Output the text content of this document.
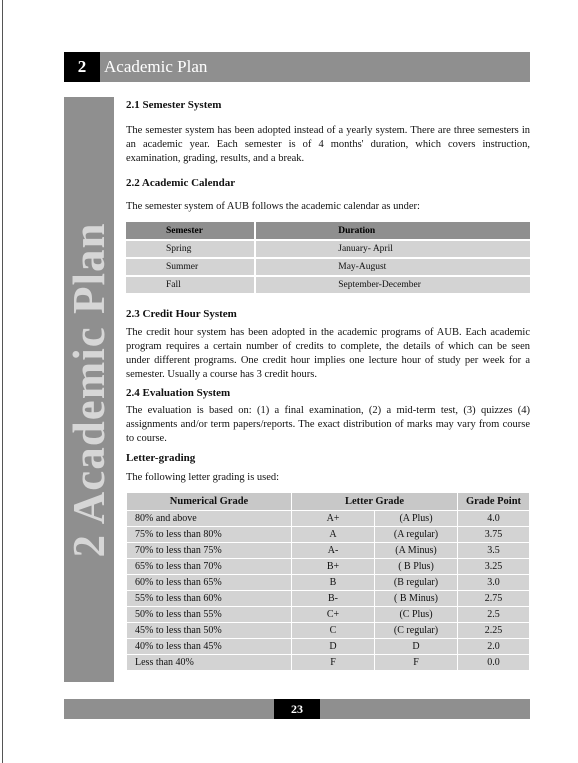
2	Academic Plan
2 Academic Plan
2.1 Semester System
The semester system has been adopted instead of a yearly system. There are three semesters in an academic year. Each semester is of 4 months' duration, which covers instruction, examination, grading, results, and a break.
2.2 Academic Calendar
The semester system of AUB follows the academic calendar as under:
Semester	Duration
Spring	January- April
Summer	May-August
Fall	September-December
2.3 Credit Hour System
The credit hour system has been adopted in the academic programs of AUB. Each academic program requires a certain number of credits to complete, the details of which can be seen under different programs. One credit hour implies one lecture hour of study per week for a semester. Usually a course has 3 credit hours.
2.4 Evaluation System
The evaluation is based on: (1) a final examination, (2) a mid-term test, (3) quizzes (4) assignments and/or term papers/reports. The exact distribution of marks may vary from course to course.
Letter-grading
The following letter grading is used:
Numerical Grade	Letter Grade		Grade Point
80% and above	A+	(A Plus)	4.0
75% to less than 80%	A	(A regular)	3.75
70% to less than 75%	A-	(A Minus)	3.5
65% to less than 70%	B+	( B Plus)	3.25
60% to less than 65%	B	(B regular)	3.0
55% to less than 60%	B-	( B Minus)	2.75
50% to less than 55%	C+	(C Plus)	2.5
45% to less than 50%	C	(C regular)	2.25
40% to less than 45%	D	D	2.0
Less than 40%	F	F	0.0
23
